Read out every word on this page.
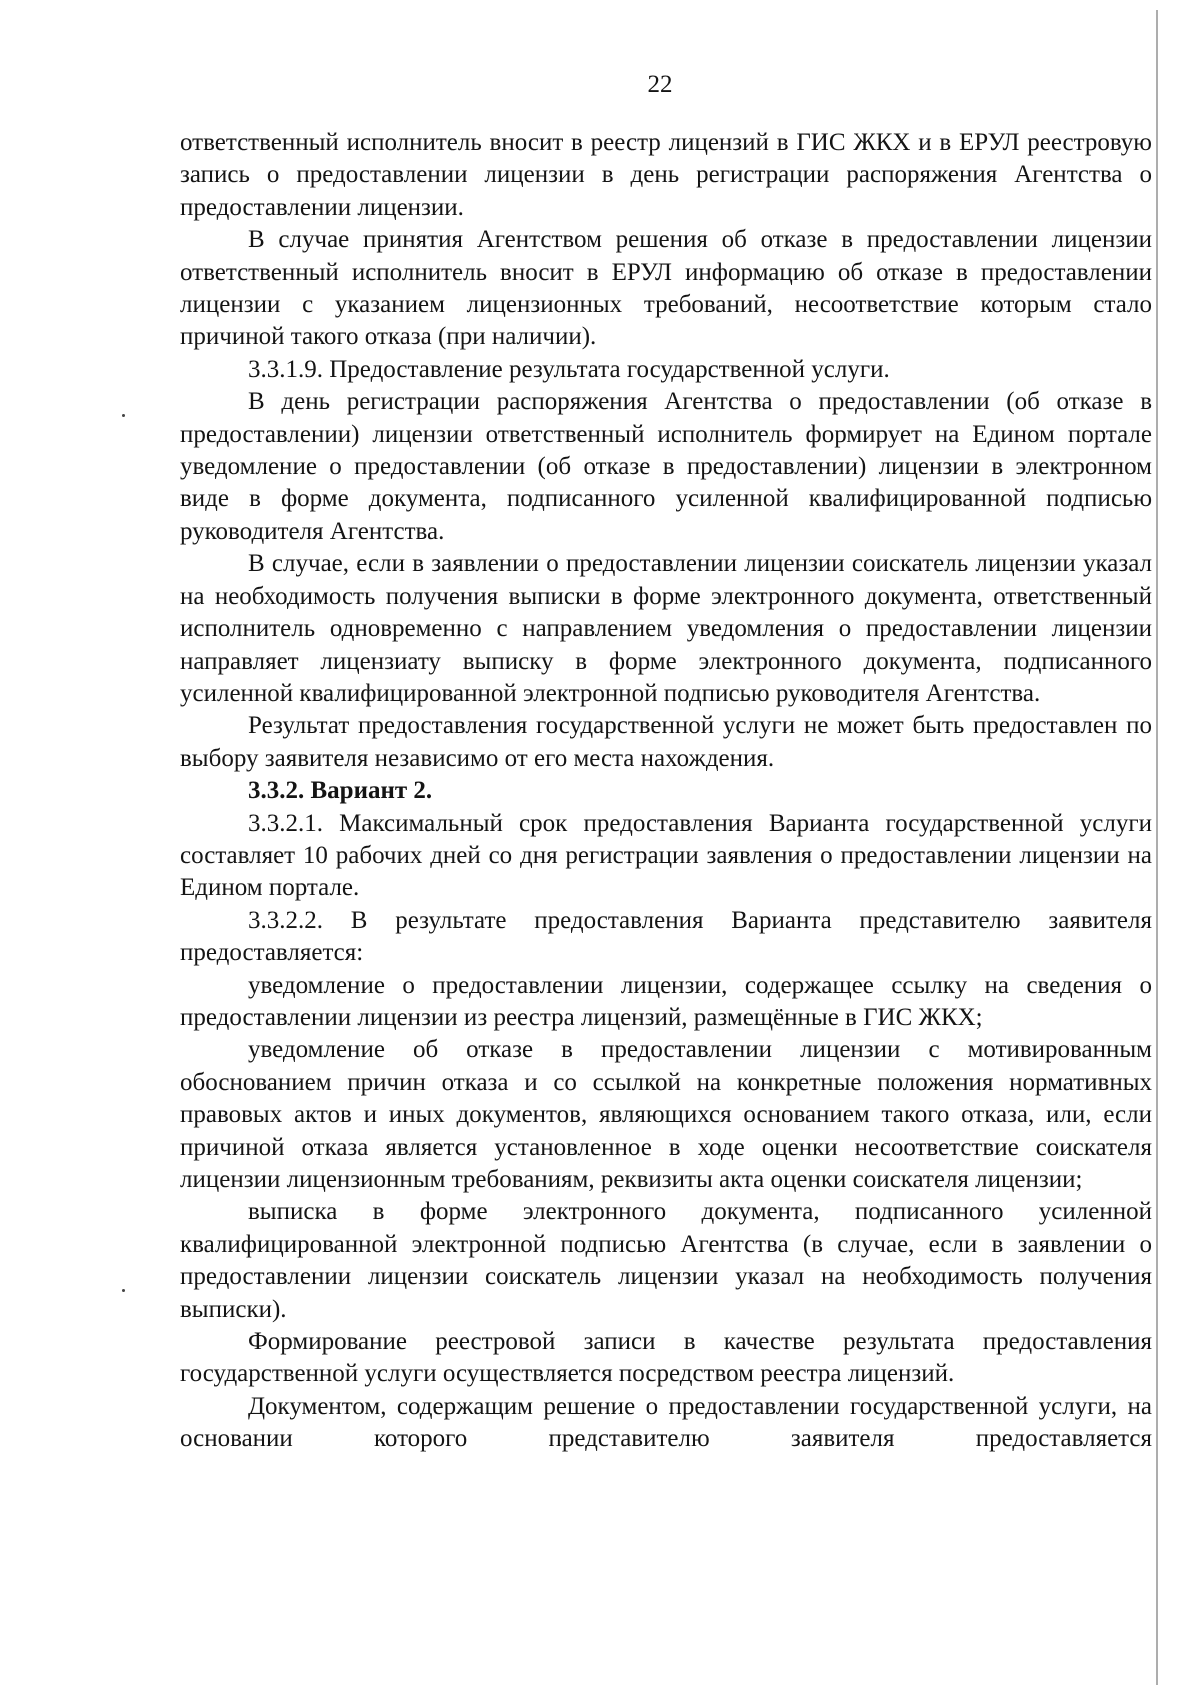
22

ответственный исполнитель вносит в реестр лицензий в ГИС ЖКХ и в ЕРУЛ реестровую запись о предоставлении лицензии в день регистрации распоряжения Агентства о предоставлении лицензии.

В случае принятия Агентством решения об отказе в предоставлении лицензии ответственный исполнитель вносит в ЕРУЛ информацию об отказе в предоставлении лицензии с указанием лицензионных требований, несоответствие которым стало причиной такого отказа (при наличии).

3.3.1.9. Предоставление результата государственной услуги.

В день регистрации распоряжения Агентства о предоставлении (об отказе в предоставлении) лицензии ответственный исполнитель формирует на Едином портале уведомление о предоставлении (об отказе в предоставлении) лицензии в электронном виде в форме документа, подписанного усиленной квалифицированной подписью руководителя Агентства.

В случае, если в заявлении о предоставлении лицензии соискатель лицензии указал на необходимость получения выписки в форме электронного документа, ответственный исполнитель одновременно с направлением уведомления о предоставлении лицензии направляет лицензиату выписку в форме электронного документа, подписанного усиленной квалифицированной электронной подписью руководителя Агентства.

Результат предоставления государственной услуги не может быть предоставлен по выбору заявителя независимо от его места нахождения.

3.3.2. Вариант 2.

3.3.2.1. Максимальный срок предоставления Варианта государственной услуги составляет 10 рабочих дней со дня регистрации заявления о предоставлении лицензии на Едином портале.

3.3.2.2. В результате предоставления Варианта представителю заявителя предоставляется:

уведомление о предоставлении лицензии, содержащее ссылку на сведения о предоставлении лицензии из реестра лицензий, размещённые в ГИС ЖКХ;

уведомление об отказе в предоставлении лицензии с мотивированным обоснованием причин отказа и со ссылкой на конкретные положения нормативных правовых актов и иных документов, являющихся основанием такого отказа, или, если причиной отказа является установленное в ходе оценки несоответствие соискателя лицензии лицензионным требованиям, реквизиты акта оценки соискателя лицензии;

выписка в форме электронного документа, подписанного усиленной квалифицированной электронной подписью Агентства (в случае, если в заявлении о предоставлении лицензии соискатель лицензии указал на необходимость получения выписки).

Формирование реестровой записи в качестве результата предоставления государственной услуги осуществляется посредством реестра лицензий.

Документом, содержащим решение о предоставлении государственной услуги, на основании которого представителю заявителя предоставляется
